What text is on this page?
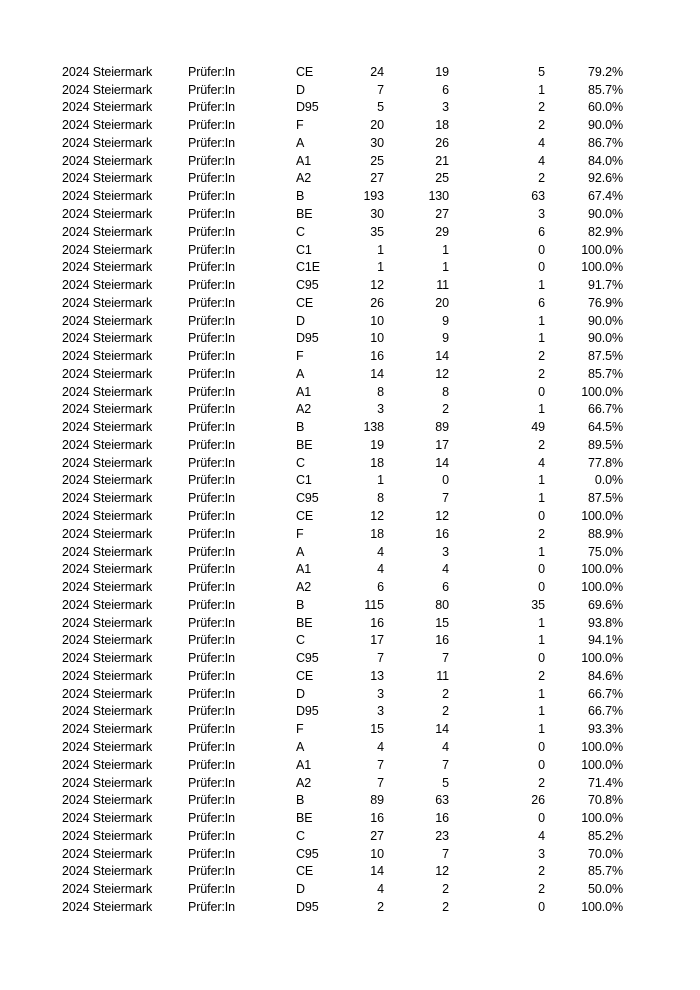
2024 Steiermark	Prüfer:In	CE	24	19	5	79.2%
2024 Steiermark	Prüfer:In	D	7	6	1	85.7%
2024 Steiermark	Prüfer:In	D95	5	3	2	60.0%
2024 Steiermark	Prüfer:In	F	20	18	2	90.0%
2024 Steiermark	Prüfer:In	A	30	26	4	86.7%
2024 Steiermark	Prüfer:In	A1	25	21	4	84.0%
2024 Steiermark	Prüfer:In	A2	27	25	2	92.6%
2024 Steiermark	Prüfer:In	B	193	130	63	67.4%
2024 Steiermark	Prüfer:In	BE	30	27	3	90.0%
2024 Steiermark	Prüfer:In	C	35	29	6	82.9%
2024 Steiermark	Prüfer:In	C1	1	1	0	100.0%
2024 Steiermark	Prüfer:In	C1E	1	1	0	100.0%
2024 Steiermark	Prüfer:In	C95	12	11	1	91.7%
2024 Steiermark	Prüfer:In	CE	26	20	6	76.9%
2024 Steiermark	Prüfer:In	D	10	9	1	90.0%
2024 Steiermark	Prüfer:In	D95	10	9	1	90.0%
2024 Steiermark	Prüfer:In	F	16	14	2	87.5%
2024 Steiermark	Prüfer:In	A	14	12	2	85.7%
2024 Steiermark	Prüfer:In	A1	8	8	0	100.0%
2024 Steiermark	Prüfer:In	A2	3	2	1	66.7%
2024 Steiermark	Prüfer:In	B	138	89	49	64.5%
2024 Steiermark	Prüfer:In	BE	19	17	2	89.5%
2024 Steiermark	Prüfer:In	C	18	14	4	77.8%
2024 Steiermark	Prüfer:In	C1	1	0	1	0.0%
2024 Steiermark	Prüfer:In	C95	8	7	1	87.5%
2024 Steiermark	Prüfer:In	CE	12	12	0	100.0%
2024 Steiermark	Prüfer:In	F	18	16	2	88.9%
2024 Steiermark	Prüfer:In	A	4	3	1	75.0%
2024 Steiermark	Prüfer:In	A1	4	4	0	100.0%
2024 Steiermark	Prüfer:In	A2	6	6	0	100.0%
2024 Steiermark	Prüfer:In	B	115	80	35	69.6%
2024 Steiermark	Prüfer:In	BE	16	15	1	93.8%
2024 Steiermark	Prüfer:In	C	17	16	1	94.1%
2024 Steiermark	Prüfer:In	C95	7	7	0	100.0%
2024 Steiermark	Prüfer:In	CE	13	11	2	84.6%
2024 Steiermark	Prüfer:In	D	3	2	1	66.7%
2024 Steiermark	Prüfer:In	D95	3	2	1	66.7%
2024 Steiermark	Prüfer:In	F	15	14	1	93.3%
2024 Steiermark	Prüfer:In	A	4	4	0	100.0%
2024 Steiermark	Prüfer:In	A1	7	7	0	100.0%
2024 Steiermark	Prüfer:In	A2	7	5	2	71.4%
2024 Steiermark	Prüfer:In	B	89	63	26	70.8%
2024 Steiermark	Prüfer:In	BE	16	16	0	100.0%
2024 Steiermark	Prüfer:In	C	27	23	4	85.2%
2024 Steiermark	Prüfer:In	C95	10	7	3	70.0%
2024 Steiermark	Prüfer:In	CE	14	12	2	85.7%
2024 Steiermark	Prüfer:In	D	4	2	2	50.0%
2024 Steiermark	Prüfer:In	D95	2	2	0	100.0%
